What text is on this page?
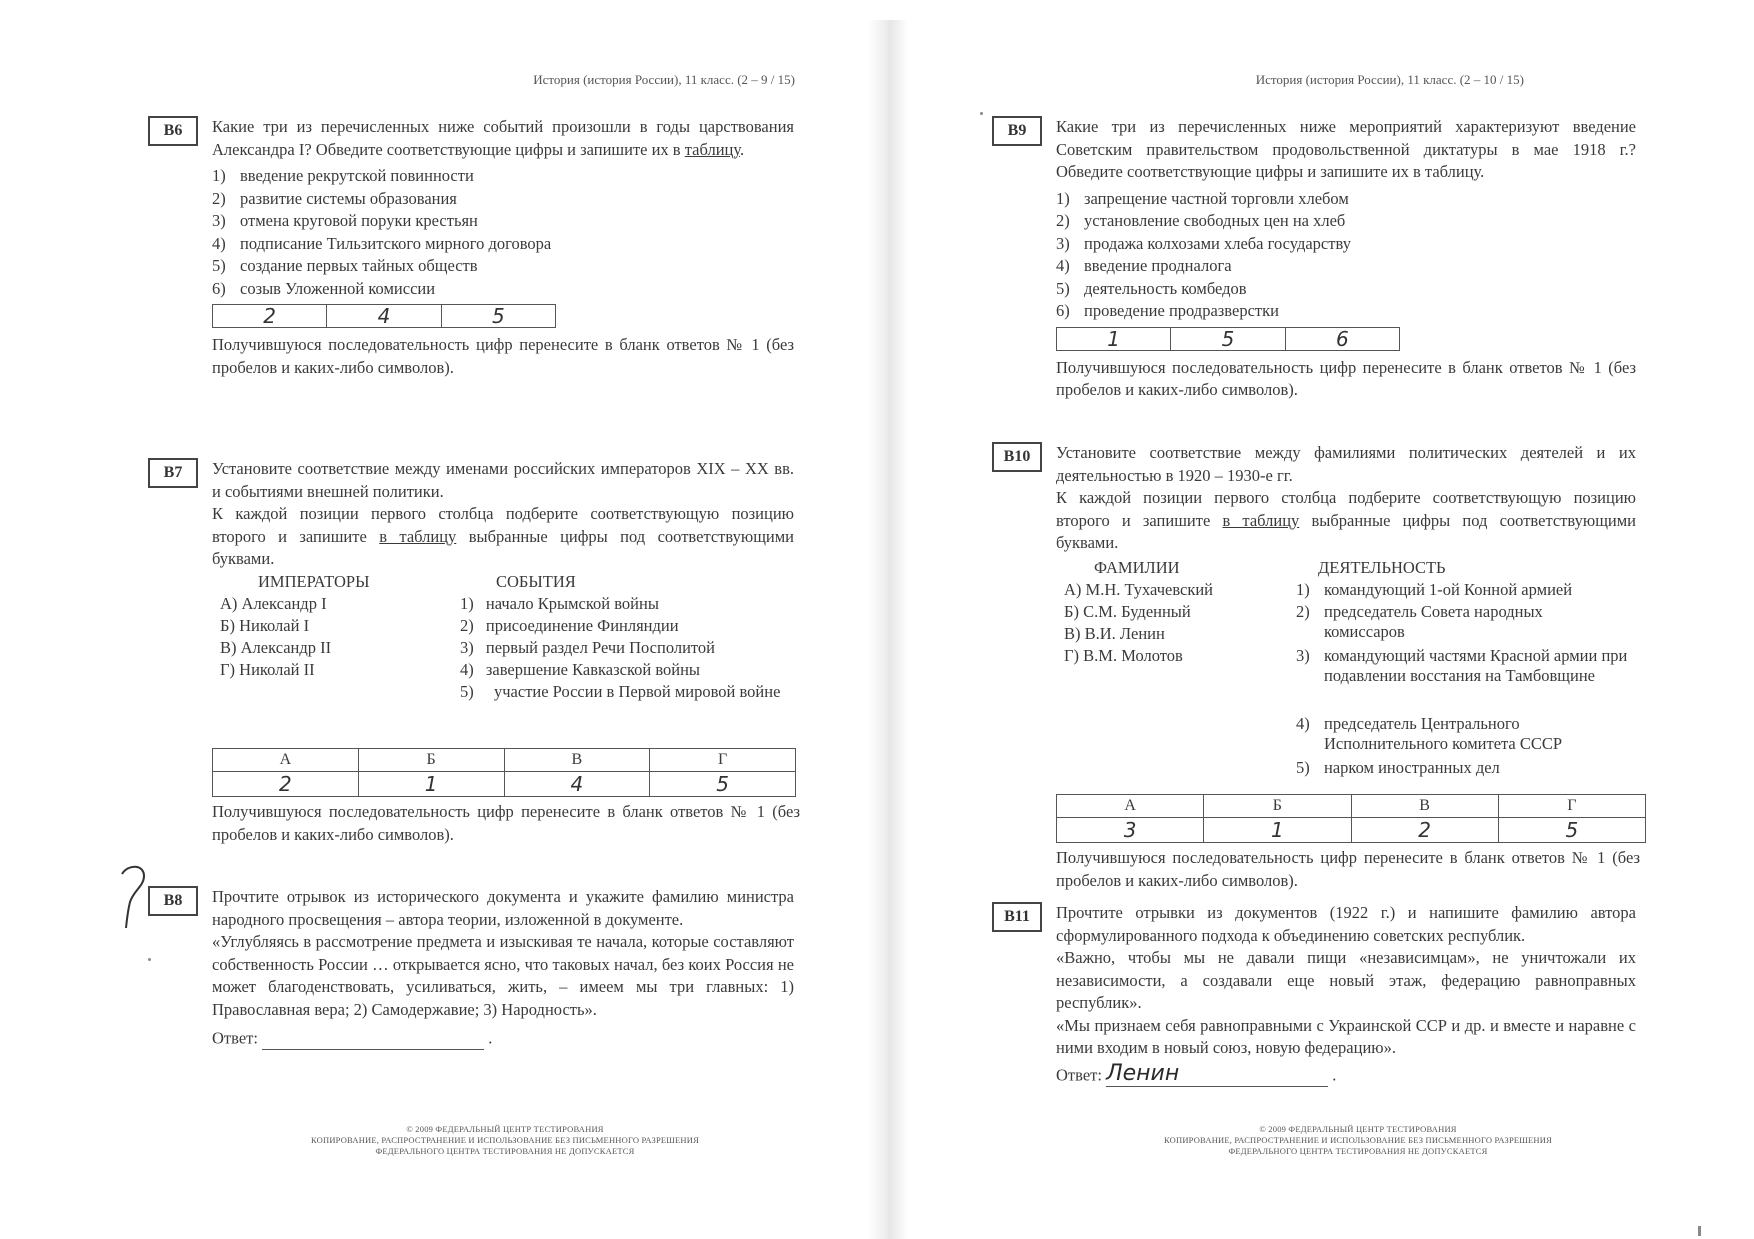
История (история России), 11 класс. (2 – 9 / 15)
B6	Какие три из перечисленных ниже событий произошли в годы царствования Александра I? Обведите соответствующие цифры и запишите их в таблицу.
1) введение рекрутской повинности
2) развитие системы образования
3) отмена круговой поруки крестьян
4) подписание Тильзитского мирного договора
5) создание первых тайных обществ
6) созыв Уложенной комиссии
2	4	5
Получившуюся последовательность цифр перенесите в бланк ответов № 1 (без пробелов и каких-либо символов).
B7	Установите соответствие между именами российских императоров XIX – XX вв. и событиями внешней политики.
К каждой позиции первого столбца подберите соответствующую позицию второго и запишите в таблицу выбранные цифры под соответствующими буквами.
ИМПЕРАТОРЫ	СОБЫТИЯ
А) Александр I
Б) Николай I
В) Александр II
Г) Николай II
1) начало Крымской войны
2) присоединение Финляндии
3) первый раздел Речи Посполитой
4) завершение Кавказской войны
5) участие России в Первой мировой войне
А	Б	В	Г
2	1	4	5
Получившуюся последовательность цифр перенесите в бланк ответов № 1 (без пробелов и каких-либо символов).
B8	Прочтите отрывок из исторического документа и укажите фамилию министра народного просвещения – автора теории, изложенной в документе.
«Углубляясь в рассмотрение предмета и изыскивая те начала, которые составляют собственность России … открывается ясно, что таковых начал, без коих Россия не может благоденствовать, усиливаться, жить, – имеем мы три главных: 1) Православная вера; 2) Самодержавие; 3) Народность».
Ответ:	.
© 2009 ФЕДЕРАЛЬНЫЙ ЦЕНТР ТЕСТИРОВАНИЯ
КОПИРОВАНИЕ, РАСПРОСТРАНЕНИЕ И ИСПОЛЬЗОВАНИЕ БЕЗ ПИСЬМЕННОГО РАЗРЕШЕНИЯ
ФЕДЕРАЛЬНОГО ЦЕНТРА ТЕСТИРОВАНИЯ НЕ ДОПУСКАЕТСЯ
История (история России), 11 класс. (2 – 10 / 15)
B9	Какие три из перечисленных ниже мероприятий характеризуют введение Советским правительством продовольственной диктатуры в мае 1918 г.? Обведите соответствующие цифры и запишите их в таблицу.
1) запрещение частной торговли хлебом
2) установление свободных цен на хлеб
3) продажа колхозами хлеба государству
4) введение продналога
5) деятельность комбедов
6) проведение продразверстки
1	5	6
Получившуюся последовательность цифр перенесите в бланк ответов № 1 (без пробелов и каких-либо символов).
B10	Установите соответствие между фамилиями политических деятелей и их деятельностью в 1920 – 1930-е гг.
К каждой позиции первого столбца подберите соответствующую позицию второго и запишите в таблицу выбранные цифры под соответствующими буквами.
ФАМИЛИИ	ДЕЯТЕЛЬНОСТЬ
А) М.Н. Тухачевский
Б) С.М. Буденный
В) В.И. Ленин
Г) В.М. Молотов
1) командующий 1-ой Конной армией
2) председатель Совета народных комиссаров
3) командующий частями Красной армии при подавлении восстания на Тамбовщине
4) председатель Центрального Исполнительного комитета СССР
5) нарком иностранных дел
А	Б	В	Г
3	1	2	5
Получившуюся последовательность цифр перенесите в бланк ответов № 1 (без пробелов и каких-либо символов).
B11	Прочтите отрывки из документов (1922 г.) и напишите фамилию автора сформулированного подхода к объединению советских республик.
«Важно, чтобы мы не давали пищи «независимцам», не уничтожали их независимости, а создавали еще новый этаж, федерацию равноправных республик».
«Мы признаем себя равноправными с Украинской ССР и др. и вместе и наравне с ними входим в новый союз, новую федерацию».
Ответ: Ленин	.
© 2009 ФЕДЕРАЛЬНЫЙ ЦЕНТР ТЕСТИРОВАНИЯ
КОПИРОВАНИЕ, РАСПРОСТРАНЕНИЕ И ИСПОЛЬЗОВАНИЕ БЕЗ ПИСЬМЕННОГО РАЗРЕШЕНИЯ
ФЕДЕРАЛЬНОГО ЦЕНТРА ТЕСТИРОВАНИЯ НЕ ДОПУСКАЕТСЯ
